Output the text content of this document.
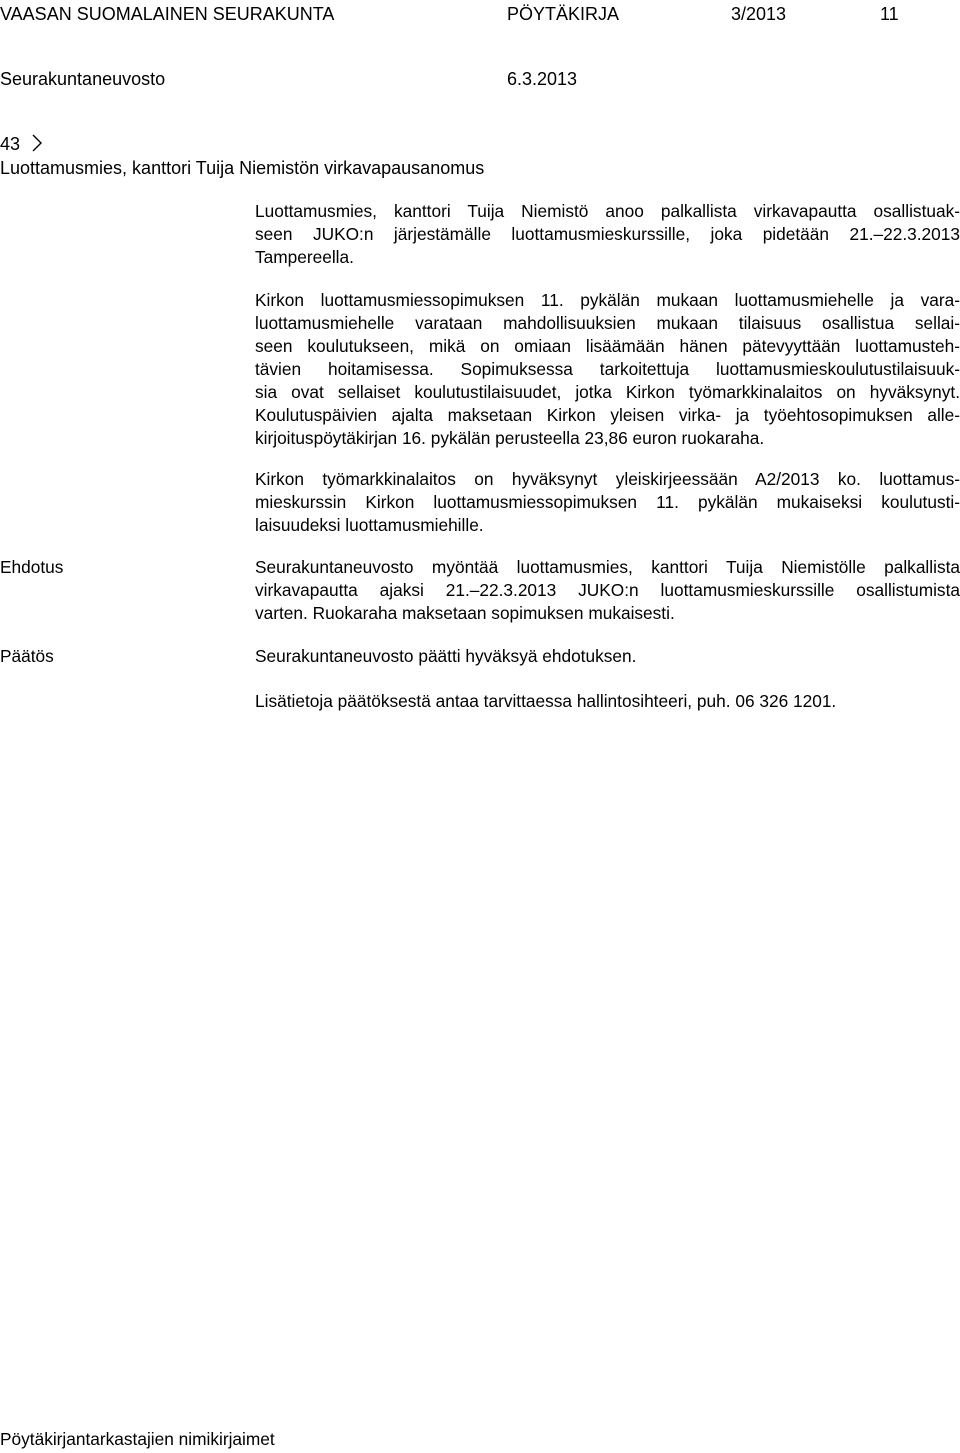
VAASAN SUOMALAINEN SEURAKUNTA	PÖYTÄKIRJA	3/2013	11
Seurakuntaneuvosto	6.3.2013
43
Luottamusmies, kanttori Tuija Niemistön virkavapausanomus
Luottamusmies, kanttori Tuija Niemistö anoo palkallista virkavapautta osallistuak-
seen JUKO:n järjestämälle luottamusmieskurssille, joka pidetään 21.–22.3.2013
Tampereella.
Kirkon luottamusmiessopimuksen 11. pykälän mukaan luottamusmiehelle ja vara-
luottamusmiehelle varataan mahdollisuuksien mukaan tilaisuus osallistua sellai-
seen koulutukseen, mikä on omiaan lisäämään hänen pätevyyttään luottamusteh-
tävien hoitamisessa. Sopimuksessa tarkoitettuja luottamusmieskoulutustilaisuuk-
sia ovat sellaiset koulutustilaisuudet, jotka Kirkon työmarkkinalaitos on hyväksynyt.
Koulutuspäivien ajalta maksetaan Kirkon yleisen virka- ja työehtosopimuksen alle-
kirjoituspöytäkirjan 16. pykälän perusteella 23,86 euron ruokaraha.
Kirkon työmarkkinalaitos on hyväksynyt yleiskirjeessään A2/2013 ko. luottamus-
mieskurssin Kirkon luottamusmiessopimuksen 11. pykälän mukaiseksi koulutusti-
laisuudeksi luottamusmiehille.
Ehdotus	Seurakuntaneuvosto myöntää luottamusmies, kanttori Tuija Niemistölle palkallista
virkavapautta ajaksi 21.–22.3.2013 JUKO:n luottamusmieskurssille osallistumista
varten. Ruokaraha maksetaan sopimuksen mukaisesti.
Päätös	Seurakuntaneuvosto päätti hyväksyä ehdotuksen.
Lisätietoja päätöksestä antaa tarvittaessa hallintosihteeri, puh. 06 326 1201.
Pöytäkirjantarkastajien nimikirjaimet
